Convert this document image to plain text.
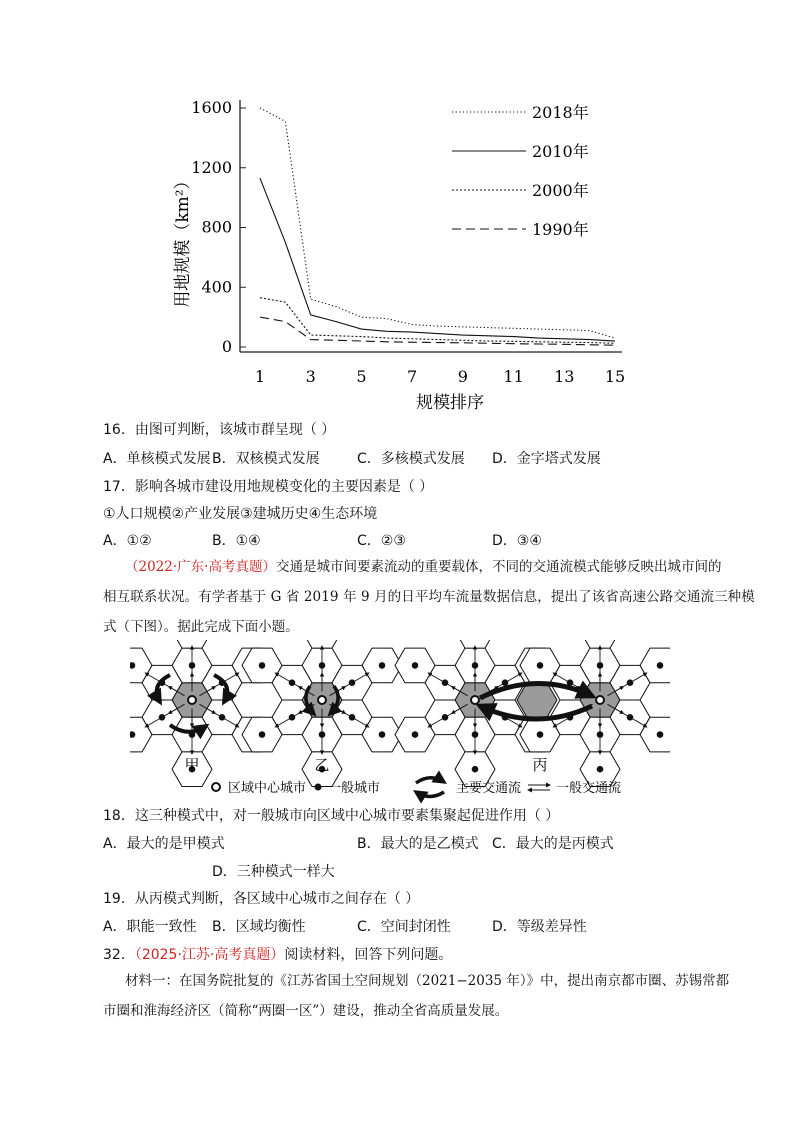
0
400
800
1200
1600
1	3	5	7	9 11 13 15
用地规模（km²）
规模排序
2018年
2010年
2000年
1990年
16．由图可判断，该城市群呈现（ ）
A．单核模式发展 B．双核模式发展	C．多核模式发展 D．金字塔式发展
17．影响各城市建设用地规模变化的主要因素是（ ）
①人口规模②产业发展③建城历史④生态环境
A．①②	B．①④	C．②③	D．③④
（2022·广东·高考真题）交通是城市间要素流动的重要载体，不同的交通流模式能够反映出城市间的
相互联系状况。有学者基于 G 省 2019 年 9 月的日平均车流量数据信息，提出了该省高速公路交通流三种模
式（下图）。据此完成下面小题。
甲	乙	丙
区域中心城市 一般城市	主要交通流	一般交通流
18．这三种模式中，对一般城市向区域中心城市要素集聚起促进作用（ ）
A．最大的是甲模式	B．最大的是乙模式 C．最大的是丙模式
D．三种模式一样大
19．从丙模式判断，各区域中心城市之间存在（ ）
A．职能一致性 B．区域均衡性	C．空间封闭性	D．等级差异性
32．（2025·江苏·高考真题）阅读材料，回答下列问题。
材料一：在国务院批复的《江苏省国土空间规划（2021−2035 年）》中，提出南京都市圈、苏锡常都
市圈和淮海经济区（简称“两圈一区”）建设，推动全省高质量发展。
